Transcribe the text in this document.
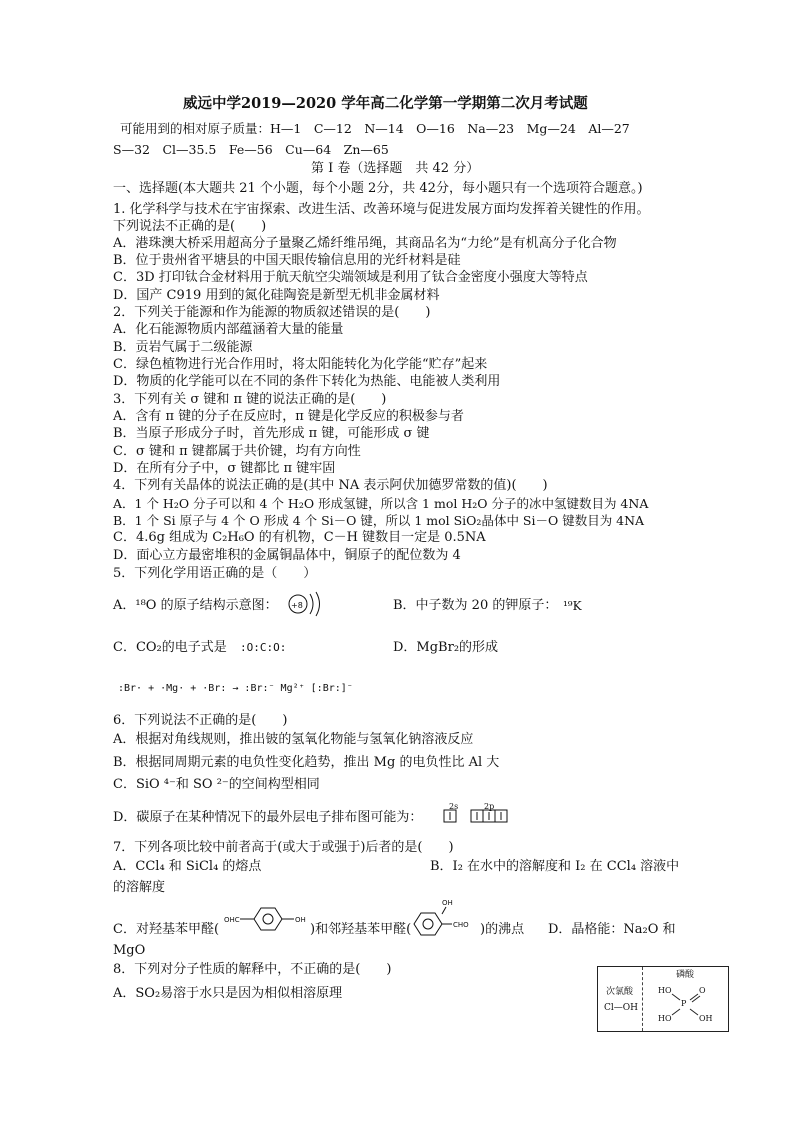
威远中学2019—2020 学年高二化学第一学期第二次月考试题
可能用到的相对原子质量：H—1　C—12　N—14　O—16　Na—23　Mg—24　Al—27
S—32　Cl—35.5　Fe—56　Cu—64　Zn—65
第 I 卷（选择题　共 42 分）
一、选择题(本大题共 21 个小题，每个小题 2分，共 42分，每小题只有一个选项符合题意。)
1. 化学科学与技术在宇宙探索、改进生活、改善环境与促进发展方面均发挥着关键性的作用。
下列说法不正确的是(　　)
A．港珠澳大桥采用超高分子量聚乙烯纤维吊绳，其商品名为“力纶”是有机高分子化合物
B．位于贵州省平塘县的中国天眼传输信息用的光纤材料是硅
C．3D 打印钛合金材料用于航天航空尖端领域是利用了钛合金密度小强度大等特点
D．国产 C919 用到的氮化硅陶瓷是新型无机非金属材料
2．下列关于能源和作为能源的物质叙述错误的是(　　)
A．化石能源物质内部蕴涵着大量的能量
B．贡岩气属于二级能源
C．绿色植物进行光合作用时，将太阳能转化为化学能“贮存”起来
D．物质的化学能可以在不同的条件下转化为热能、电能被人类利用
3．下列有关 σ 键和 π 键的说法正确的是(　　)
A．含有 π 键的分子在反应时，π 键是化学反应的积极参与者
B．当原子形成分子时，首先形成 π 键，可能形成 σ 键
C．σ 键和 π 键都属于共价键，均有方向性
D．在所有分子中，σ 键都比 π 键牢固
4．下列有关晶体的说法正确的是(其中 NA 表示阿伏加德罗常数的值)(　　)
A．1 个 H₂O 分子可以和 4 个 H₂O 形成氢键，所以含 1 mol H₂O 分子的冰中氢键数目为 4NA
B．1 个 Si 原子与 4 个 O 形成 4 个 Si－O 键，所以 1 mol SiO₂晶体中 Si－O 键数目为 4NA
C．4.6g 组成为 C₂H₆O 的有机物，C－H 键数目一定是 0.5NA
D．面心立方最密堆积的金属铜晶体中，铜原子的配位数为 4
5．下列化学用语正确的是（　　）
A．¹⁸O 的原子结构示意图： +8	B．中子数为 20 的钾原子： ¹⁹K
C．CO₂的电子式是 :O:C:O:	D．MgBr₂的形成
:Br· + ·Mg· + ·Br: → :Br:⁻ Mg²⁺ [:Br:]⁻
6．下列说法不正确的是(　　)
A．根据对角线规则，推出铍的氢氧化物能与氢氧化钠溶液反应
B．根据同周期元素的电负性变化趋势，推出 Mg 的电负性比 Al 大
C．SiO ⁴⁻和 SO ²⁻的空间构型相同
D．碳原子在某种情况下的最外层电子排布图可能为：
2s	2p
7．下列各项比较中前者高于(或大于或强于)后者的是(　　)
A．CCl₄ 和 SiCl₄ 的熔点	B．I₂ 在水中的溶解度和 I₂ 在 CCl₄ 溶液中
的溶解度
C．对羟基苯甲醛(
OHC	OH
)和邻羟基苯甲醛(
OH
CHO )的沸点 D．晶格能：Na₂O 和
MgO
8．下列对分子性质的解释中，不正确的是(　　)
A．SO₂易溶于水只是因为相似相溶原理	次氯酸
Cl—OH
磷酸
HO	O
P
HO	OH
